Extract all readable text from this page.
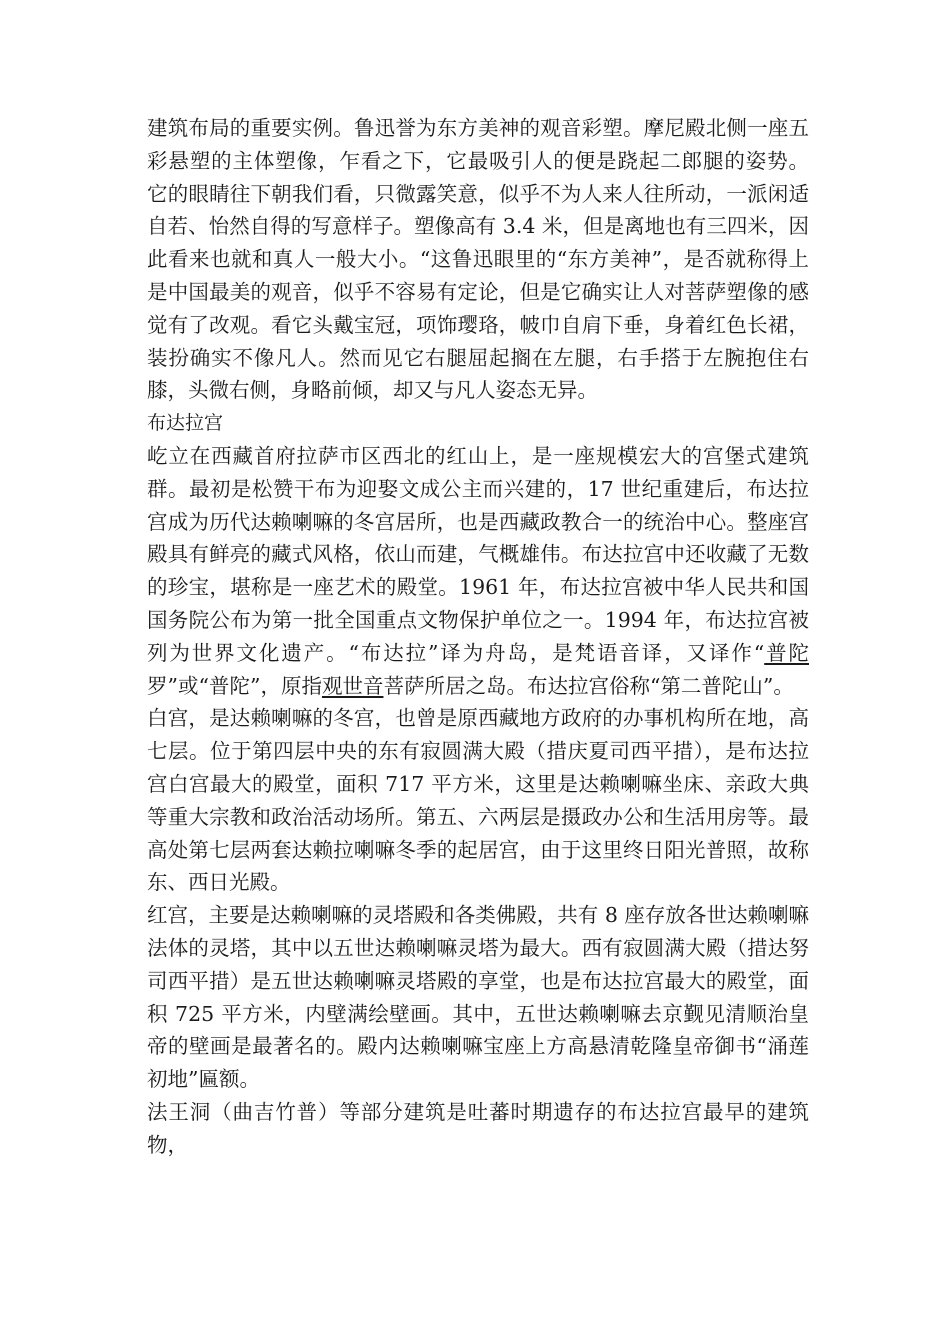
建筑布局的重要实例。鲁迅誉为东方美神的观音彩塑。摩尼殿北侧一座五彩悬塑的主体塑像，乍看之下，它最吸引人的便是跷起二郎腿的姿势。 它的眼睛往下朝我们看，只微露笑意，似乎不为人来人往所动，一派闲适自若、怡然自得的写意样子。塑像高有 3.4 米，但是离地也有三四米，因此看来也就和真人一般大小。“这鲁迅眼里的“东方美神”，是否就称得上是中国最美的观音，似乎不容易有定论，但是它确实让人对菩萨塑像的感觉有了改观。看它头戴宝冠，项饰璎珞，帔巾自肩下垂，身着红色长裙，装扮确实不像凡人。然而见它右腿屈起搁在左腿，右手搭于左腕抱住右膝，头微右侧，身略前倾，却又与凡人姿态无异。

布达拉宫

屹立在西藏首府拉萨市区西北的红山上，是一座规模宏大的宫堡式建筑群。最初是松赞干布为迎娶文成公主而兴建的，17 世纪重建后，布达拉宫成为历代达赖喇嘛的冬宫居所，也是西藏政教合一的统治中心。整座宫殿具有鲜亮的藏式风格，依山而建，气概雄伟。布达拉宫中还收藏了无数的珍宝，堪称是一座艺术的殿堂。1961 年，布达拉宫被中华人民共和国国务院公布为第一批全国重点文物保护单位之一。1994 年，布达拉宫被列为世界文化遗产。“布达拉”译为舟岛，是梵语音译，又译作“普陀罗”或“普陀”，原指观世音菩萨所居之岛。布达拉宫俗称“第二普陀山”。

白宫，是达赖喇嘛的冬宫，也曾是原西藏地方政府的办事机构所在地，高七层。位于第四层中央的东有寂圆满大殿（措庆夏司西平措），是布达拉宫白宫最大的殿堂，面积 717 平方米，这里是达赖喇嘛坐床、亲政大典等重大宗教和政治活动场所。第五、六两层是摄政办公和生活用房等。最高处第七层两套达赖拉喇嘛冬季的起居宫，由于这里终日阳光普照，故称东、西日光殿。

红宫，主要是达赖喇嘛的灵塔殿和各类佛殿，共有 8 座存放各世达赖喇嘛法体的灵塔，其中以五世达赖喇嘛灵塔为最大。西有寂圆满大殿（措达努司西平措）是五世达赖喇嘛灵塔殿的享堂，也是布达拉宫最大的殿堂，面积 725 平方米，内壁满绘壁画。其中，五世达赖喇嘛去京觐见清顺治皇帝的壁画是最著名的。殿内达赖喇嘛宝座上方高悬清乾隆皇帝御书“涌莲初地”匾额。

法王洞（曲吉竹普）等部分建筑是吐蕃时期遗存的布达拉宫最早的建筑物，
